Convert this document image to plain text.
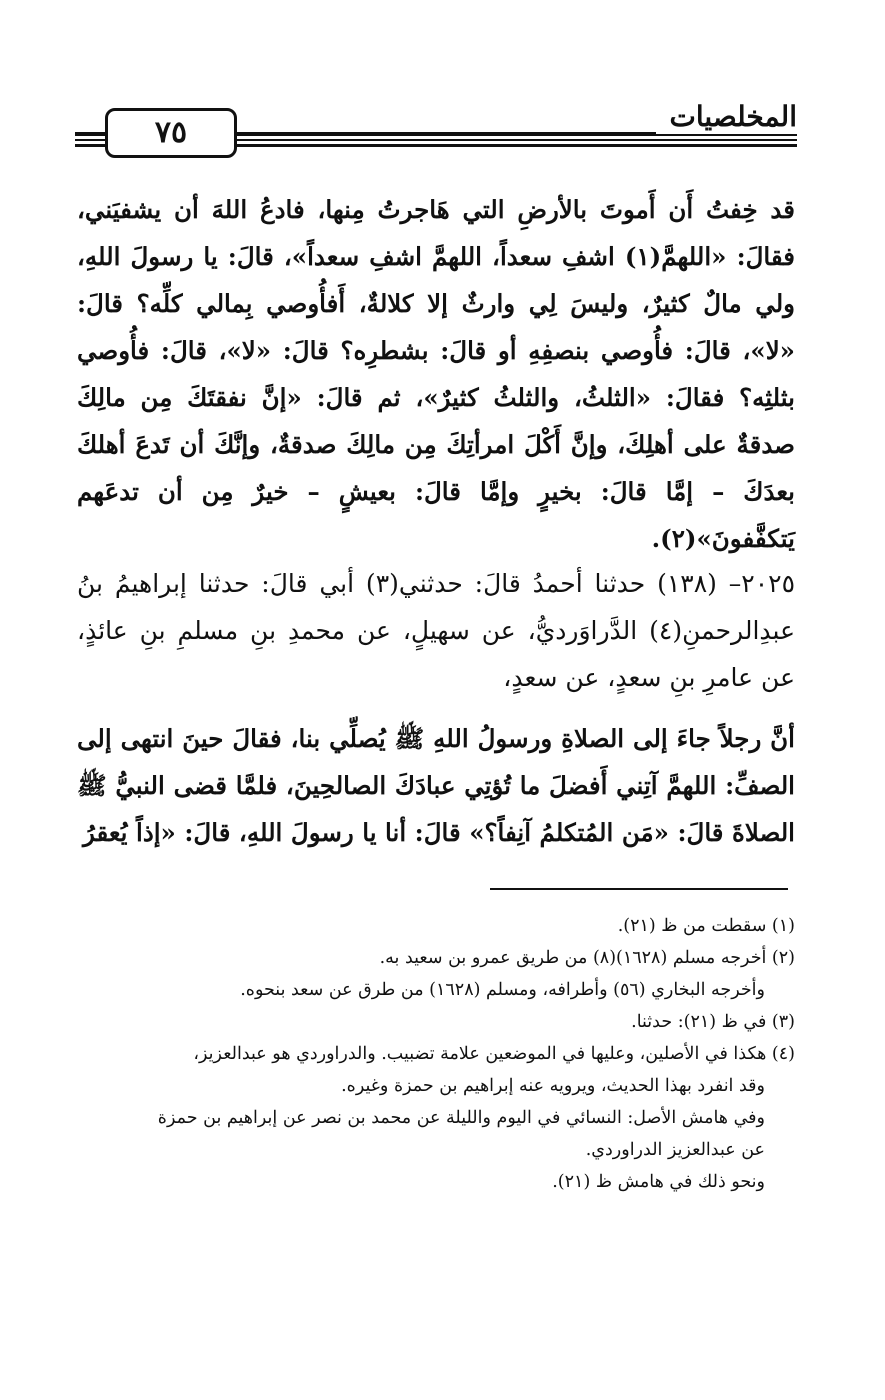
المخلصيات
٧٥

قد خِفتُ أَن أَموتَ بالأرضِ التي هَاجرتُ مِنها، فادعُ اللهَ أن يشفيَني، فقالَ: «اللهمَّ(١) اشفِ سعداً، اللهمَّ اشفِ سعداً»، قالَ: يا رسولَ اللهِ، ولي مالٌ كثيرٌ، وليسَ لِي وارثٌ إلا كلالةٌ، أَفأُوصي بِمالي كلِّه؟ قالَ: «لا»، قالَ: فأُوصي بنصفِهِ أو قالَ: بشطرِه؟ قالَ: «لا»، قالَ: فأُوصي بثلثِه؟ فقالَ: «الثلثُ، والثلثُ كثيرٌ»، ثم قالَ: «إنَّ نفقتَكَ مِن مالِكَ صدقةٌ على أهلِكَ، وإنَّ أَكْلَ امرأتِكَ مِن مالِكَ صدقةٌ، وإنَّكَ أن تَدعَ أهلكَ بعدَكَ – إمَّا قالَ: بخيرٍ وإمَّا قالَ: بعيشٍ – خيرٌ مِن أن تدعَهم يَتكفَّفونَ»(٢).

٢٠٢٥– (١٣٨) حدثنا أحمدُ قالَ: حدثني(٣) أبي قالَ: حدثنا إبراهيمُ بنُ عبدِالرحمنِ(٤) الدَّراوَرديُّ، عن سهيلٍ، عن محمدِ بنِ مسلمِ بنِ عائذٍ، عن عامرِ بنِ سعدٍ، عن سعدٍ،

أنَّ رجلاً جاءَ إلى الصلاةِ ورسولُ اللهِ ﷺ يُصلِّي بنا، فقالَ حينَ انتهى إلى الصفِّ: اللهمَّ آتِني أَفضلَ ما تُؤتِي عبادَكَ الصالحِينَ، فلمَّا قضى النبيُّ ﷺ الصلاةَ قالَ: «مَن المُتكلمُ آنِفاً؟» قالَ: أنا يا رسولَ اللهِ، قالَ: «إذاً يُعقرُ

(١) سقطت من ظ (٢١).
(٢) أخرجه مسلم (١٦٢٨)(٨) من طريق عمرو بن سعيد به.
وأخرجه البخاري (٥٦) وأطرافه، ومسلم (١٦٢٨) من طرق عن سعد بنحوه.
(٣) في ظ (٢١): حدثنا.
(٤) هكذا في الأصلين، وعليها في الموضعين علامة تضبيب. والدراوردي هو عبدالعزيز،
وقد انفرد بهذا الحديث، ويرويه عنه إبراهيم بن حمزة وغيره.
وفي هامش الأصل: النسائي في اليوم والليلة عن محمد بن نصر عن إبراهيم بن حمزة
عن عبدالعزيز الدراوردي.
ونحو ذلك في هامش ظ (٢١).
